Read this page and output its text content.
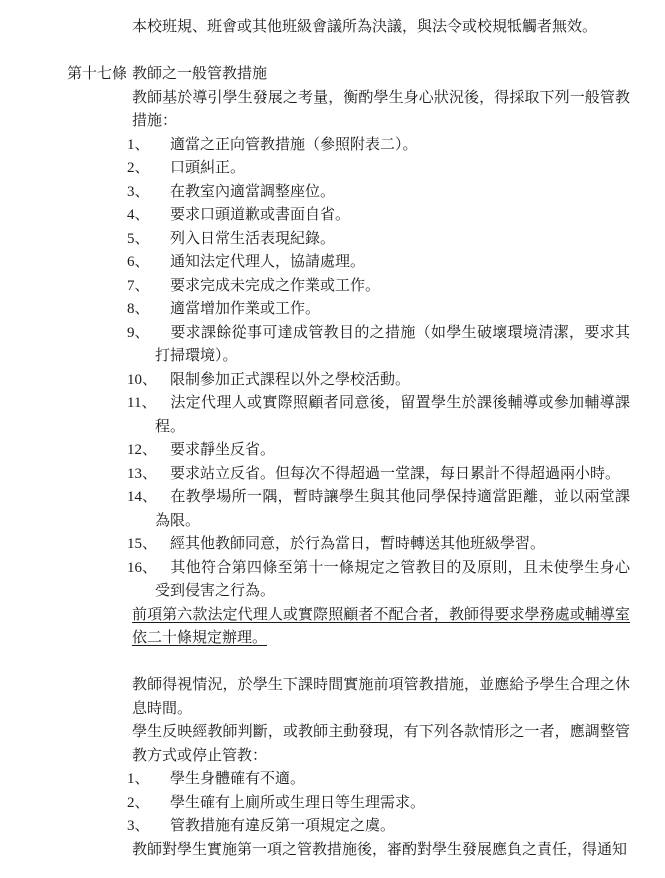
本校班規、班會或其他班級會議所為決議，與法令或校規牴觸者無效。

第十七條 教師之一般管教措施

教師基於導引學生發展之考量，衡酌學生身心狀況後，得採取下列一般管教措施：

1、 適當之正向管教措施（參照附表二）。
2、 口頭糾正。
3、 在教室內適當調整座位。
4、 要求口頭道歉或書面自省。
5、 列入日常生活表現紀錄。
6、 通知法定代理人，協請處理。
7、 要求完成未完成之作業或工作。
8、 適當增加作業或工作。
9、 要求課餘從事可達成管教目的之措施（如學生破壞環境清潔，要求其打掃環境）。
10、 限制參加正式課程以外之學校活動。
11、 法定代理人或實際照顧者同意後，留置學生於課後輔導或參加輔導課程。
12、 要求靜坐反省。
13、 要求站立反省。但每次不得超過一堂課，每日累計不得超過兩小時。
14、 在教學場所一隅，暫時讓學生與其他同學保持適當距離，並以兩堂課為限。
15、 經其他教師同意，於行為當日，暫時轉送其他班級學習。
16、 其他符合第四條至第十一條規定之管教目的及原則，且未使學生身心受到侵害之行為。

前項第六款法定代理人或實際照顧者不配合者，教師得要求學務處或輔導室依二十條規定辦理。

教師得視情況，於學生下課時間實施前項管教措施，並應給予學生合理之休息時間。

學生反映經教師判斷，或教師主動發現，有下列各款情形之一者，應調整管教方式或停止管教：

1、 學生身體確有不適。
2、 學生確有上廁所或生理日等生理需求。
3、 管教措施有違反第一項規定之虞。

教師對學生實施第一項之管教措施後，審酌對學生發展應負之責任，得通知
